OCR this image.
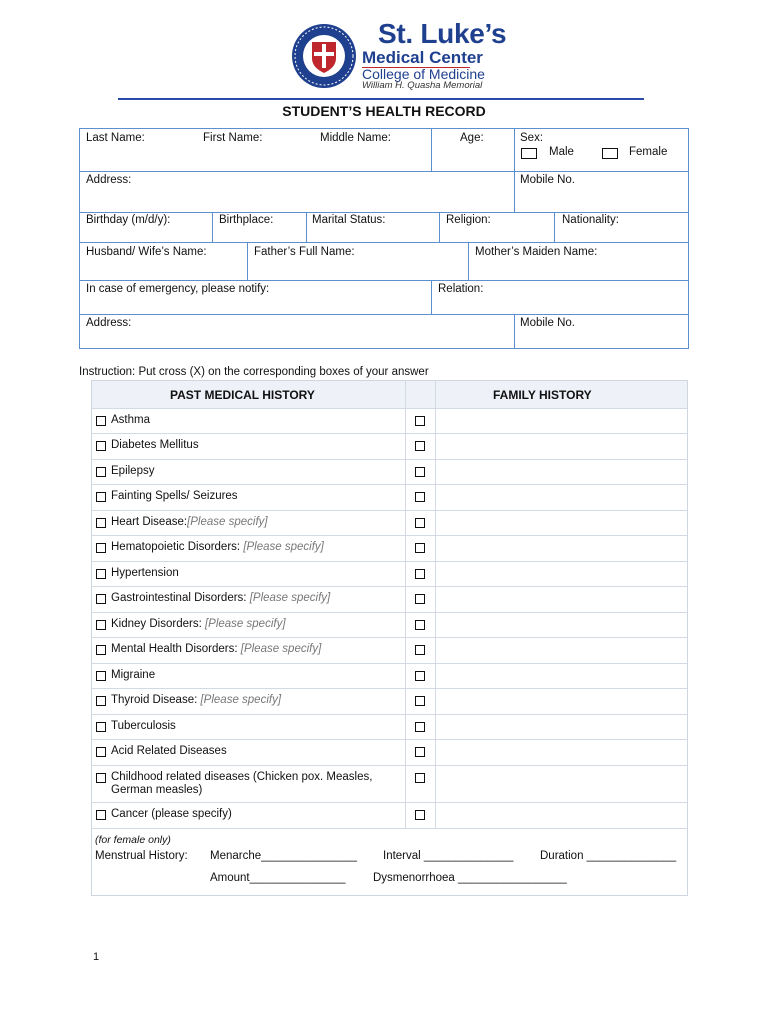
St. Luke’s
Medical Center
College of Medicine
William H. Quasha Memorial
STUDENT’S HEALTH RECORD
Last Name:	First Name:	Middle Name:	Age:	Sex:
Male	Female
Address:	Mobile No.
Birthday (m/d/y):	Birthplace:	Marital Status:	Religion:	Nationality:
Husband/ Wife’s Name:	Father’s Full Name:	Mother’s Maiden Name:
In case of emergency, please notify:	Relation:
Address:	Mobile No.
Instruction: Put cross (X) on the corresponding boxes of your answer
PAST MEDICAL HISTORY	FAMILY HISTORY
Asthma
Diabetes Mellitus
Epilepsy
Fainting Spells/ Seizures
Heart Disease:[Please specify]
Hematopoietic Disorders: [Please specify]
Hypertension
Gastrointestinal Disorders: [Please specify]
Kidney Disorders: [Please specify]
Mental Health Disorders: [Please specify]
Migraine
Thyroid Disease: [Please specify]
Tuberculosis
Acid Related Diseases
Childhood related diseases (Chicken pox. Measles, German measles)
Cancer (please specify)
(for female only)
Menstrual History: Menarche_______________ Interval ______________ Duration ______________
Amount_______________ Dysmenorrhoea _________________
1
